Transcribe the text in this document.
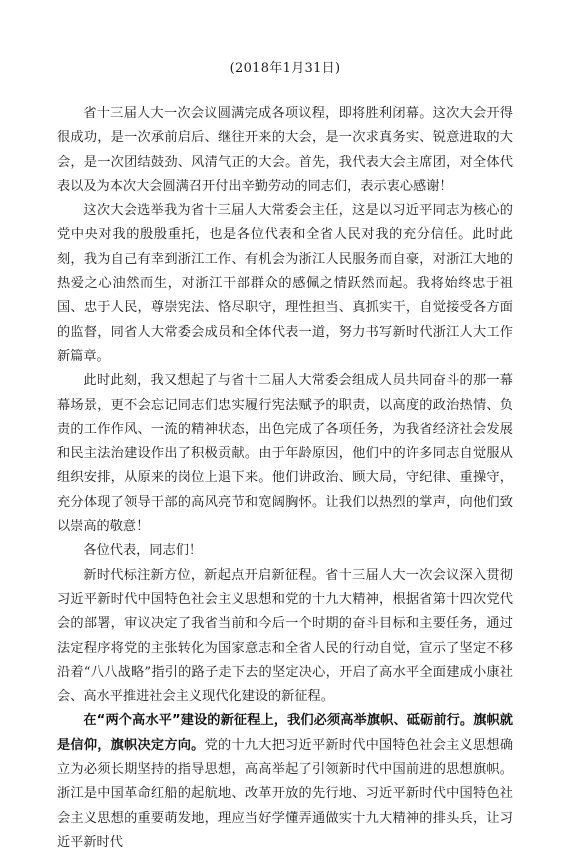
(2018年1月31日)

省十三届人大一次会议圆满完成各项议程，即将胜利闭幕。这次大会开得很成功，是一次承前启后、继往开来的大会，是一次求真务实、锐意进取的大会，是一次团结鼓劲、风清气正的大会。首先，我代表大会主席团，对全体代表以及为本次大会圆满召开付出辛勤劳动的同志们，表示衷心感谢！

这次大会选举我为省十三届人大常委会主任，这是以习近平同志为核心的党中央对我的殷殷重托，也是各位代表和全省人民对我的充分信任。此时此刻，我为自己有幸到浙江工作、有机会为浙江人民服务而自豪，对浙江大地的热爱之心油然而生，对浙江干部群众的感佩之情跃然而起。我将始终忠于祖国、忠于人民，尊崇宪法、恪尽职守，理性担当、真抓实干，自觉接受各方面的监督，同省人大常委会成员和全体代表一道，努力书写新时代浙江人大工作新篇章。

此时此刻，我又想起了与省十二届人大常委会组成人员共同奋斗的那一幕幕场景，更不会忘记同志们忠实履行宪法赋予的职责，以高度的政治热情、负责的工作作风、一流的精神状态，出色完成了各项任务，为我省经济社会发展和民主法治建设作出了积极贡献。由于年龄原因，他们中的许多同志自觉服从组织安排，从原来的岗位上退下来。他们讲政治、顾大局，守纪律、重操守，充分体现了领导干部的高风亮节和宽阔胸怀。让我们以热烈的掌声，向他们致以崇高的敬意！

各位代表，同志们！

新时代标注新方位，新起点开启新征程。省十三届人大一次会议深入贯彻习近平新时代中国特色社会主义思想和党的十九大精神，根据省第十四次党代会的部署，审议决定了我省当前和今后一个时期的奋斗目标和主要任务，通过法定程序将党的主张转化为国家意志和全省人民的行动自觉，宣示了坚定不移沿着“八八战略”指引的路子走下去的坚定决心，开启了高水平全面建成小康社会、高水平推进社会主义现代化建设的新征程。

在“两个高水平”建设的新征程上，我们必须高举旗帜、砥砺前行。旗帜就是信仰，旗帜决定方向。党的十九大把习近平新时代中国特色社会主义思想确立为必须长期坚持的指导思想，高高举起了引领新时代中国前进的思想旗帜。浙江是中国革命红船的起航地、改革开放的先行地、习近平新时代中国特色社会主义思想的重要萌发地，理应当好学懂弄通做实十九大精神的排头兵，让习近平新时代
